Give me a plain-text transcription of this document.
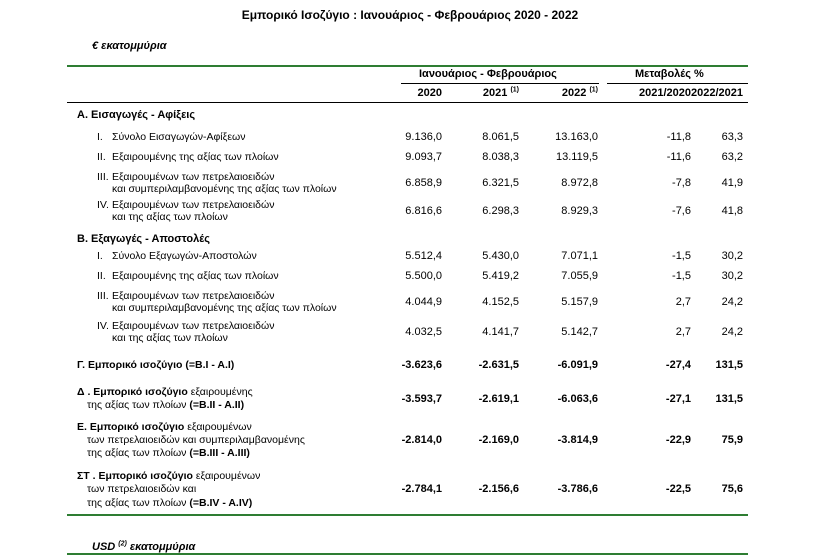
Εμπορικό Ισοζύγιο : Ιανουάριος - Φεβρουάριος 2020 - 2022
€ εκατομμύρια
Ιανουάριος - Φεβρουάριος	Μεταβολές %
2020	2021 $^{(1)}$	2022 $^{(1)}$	2021/2020 2022/2021
Α. Εισαγωγές - Αφίξεις
I. Σύνολο Εισαγωγών-Αφίξεων	9.136,0	8.061,5	13.163,0	-11,8	63,3
II. Εξαιρουμένης της αξίας των πλοίων	9.093,7	8.038,3	13.119,5	-11,6	63,2
III. Εξαιρουμένων των πετρελαιοειδών
και συμπεριλαμβανομένης της αξίας των πλοίων	6.858,9	6.321,5	8.972,8	-7,8	41,9
IV. Εξαιρουμένων των πετρελαιοειδών
και της αξίας των πλοίων	6.816,6	6.298,3	8.929,3	-7,6	41,8
Β. Εξαγωγές - Αποστολές
I. Σύνολο Εξαγωγών-Αποστολών	5.512,4	5.430,0	7.071,1	-1,5	30,2
II. Εξαιρουμένης της αξίας των πλοίων	5.500,0	5.419,2	7.055,9	-1,5	30,2
III. Εξαιρουμένων των πετρελαιοειδών
και συμπεριλαμβανομένης της αξίας των πλοίων	4.044,9	4.152,5	5.157,9	2,7	24,2
IV. Εξαιρουμένων των πετρελαιοειδών
και της αξίας των πλοίων	4.032,5	4.141,7	5.142,7	2,7	24,2
Γ. Εμπορικό ισοζύγιο (=B.I - A.I)	-3.623,6	-2.631,5	-6.091,9	-27,4	131,5
Δ . Εμπορικό ισοζύγιο εξαιρουμένης
της αξίας των πλοίων (=B.II - A.II)	-3.593,7	-2.619,1	-6.063,6	-27,1	131,5
Ε. Εμπορικό ισοζύγιο εξαιρουμένων
των πετρελαιοειδών και συμπεριλαμβανομένης
της αξίας των πλοίων (=B.III - A.III)
-2.814,0	-2.169,0	-3.814,9	-22,9	75,9
ΣΤ . Εμπορικό ισοζύγιο εξαιρουμένων
των πετρελαιοειδών και
της αξίας των πλοίων (=B.IV - A.IV)
-2.784,1	-2.156,6	-3.786,6	-22,5	75,6
USD $^{(2)}$ εκατομμύρια
